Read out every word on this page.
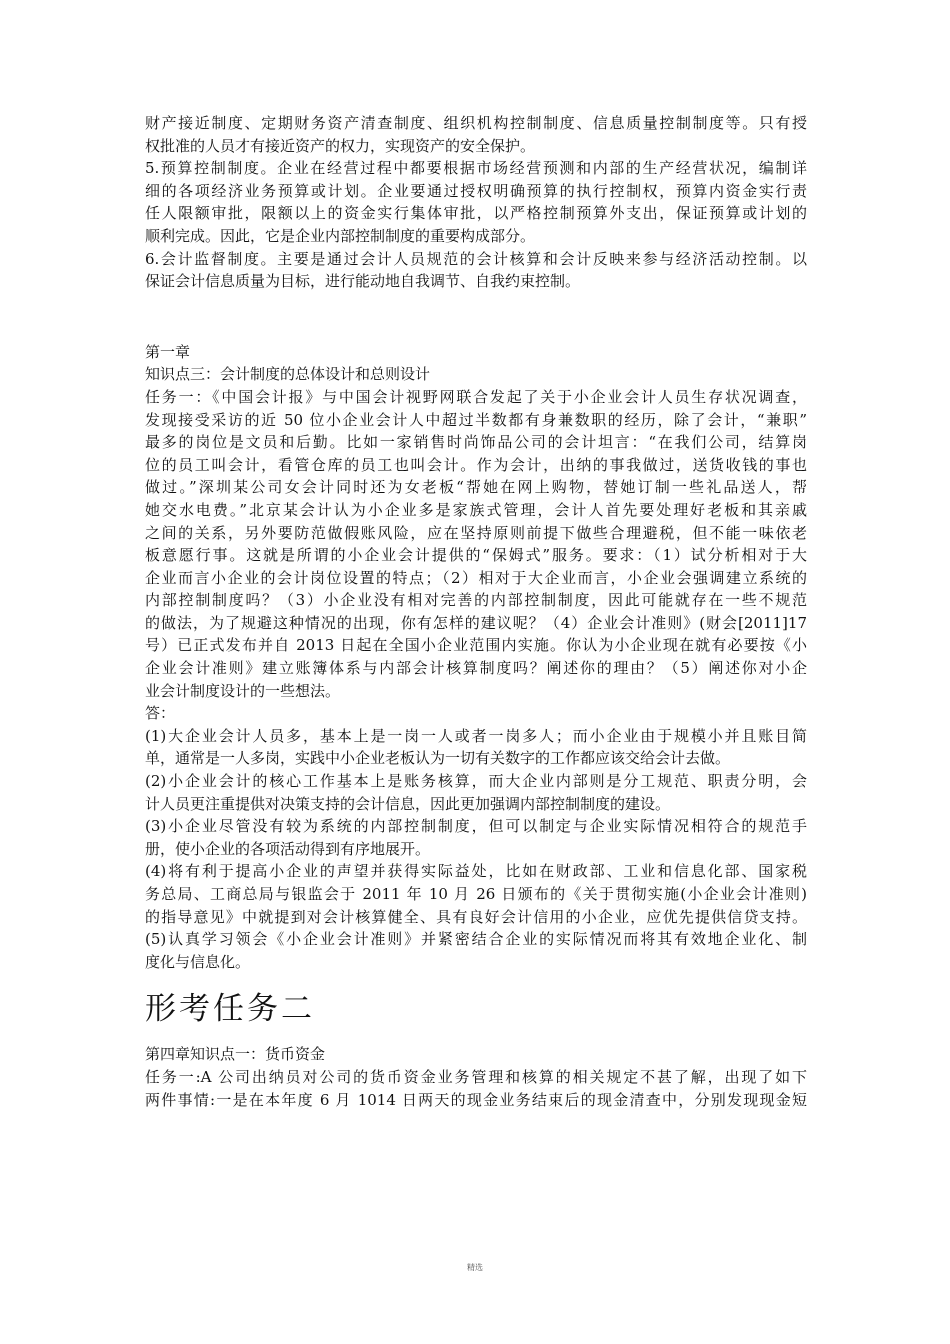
财产接近制度、定期财务资产清查制度、组织机构控制制度、信息质量控制制度等。只有授
权批准的人员才有接近资产的权力，实现资产的安全保护。
5.预算控制制度。企业在经营过程中都要根据市场经营预测和内部的生产经营状况，编制详
细的各项经济业务预算或计划。企业要通过授权明确预算的执行控制权，预算内资金实行责
任人限额审批，限额以上的资金实行集体审批，以严格控制预算外支出，保证预算或计划的
顺利完成。因此，它是企业内部控制制度的重要构成部分。
6.会计监督制度。主要是通过会计人员规范的会计核算和会计反映来参与经济活动控制。以
保证会计信息质量为目标，进行能动地自我调节、自我约束控制。
第一章
知识点三：会计制度的总体设计和总则设计
任务一：《中国会计报》与中国会计视野网联合发起了关于小企业会计人员生存状况调查，
发现接受采访的近 50 位小企业会计人中超过半数都有身兼数职的经历，除了会计，“兼职”
最多的岗位是文员和后勤。比如一家销售时尚饰品公司的会计坦言：“在我们公司，结算岗
位的员工叫会计，看管仓库的员工也叫会计。作为会计，出纳的事我做过，送货收钱的事也
做过。”深圳某公司女会计同时还为女老板“帮她在网上购物，替她订制一些礼品送人，帮
她交水电费。”北京某会计认为小企业多是家族式管理，会计人首先要处理好老板和其亲戚
之间的关系，另外要防范做假账风险，应在坚持原则前提下做些合理避税，但不能一味依老
板意愿行事。这就是所谓的小企业会计提供的“保姆式”服务。要求：（1）试分析相对于大
企业而言小企业的会计岗位设置的特点；（2）相对于大企业而言，小企业会强调建立系统的
内部控制制度吗？（3）小企业没有相对完善的内部控制制度，因此可能就存在一些不规范
的做法，为了规避这种情况的出现，你有怎样的建议呢？（4）企业会计准则》(财会[2011]17
号）已正式发布并自 2013 日起在全国小企业范围内实施。你认为小企业现在就有必要按《小
企业会计准则》建立账簿体系与内部会计核算制度吗？阐述你的理由？（5）阐述你对小企
业会计制度设计的一些想法。
答：
(1)大企业会计人员多，基本上是一岗一人或者一岗多人；而小企业由于规模小并且账目简
单，通常是一人多岗，实践中小企业老板认为一切有关数字的工作都应该交给会计去做。
(2)小企业会计的核心工作基本上是账务核算，而大企业内部则是分工规范、职责分明，会
计人员更注重提供对决策支持的会计信息，因此更加强调内部控制制度的建设。
(3)小企业尽管没有较为系统的内部控制制度，但可以制定与企业实际情况相符合的规范手
册，使小企业的各项活动得到有序地展开。
(4)将有利于提高小企业的声望并获得实际益处，比如在财政部、工业和信息化部、国家税
务总局、工商总局与银监会于 2011 年 10 月 26 日颁布的《关于贯彻实施(小企业会计准则)
的指导意见》中就提到对会计核算健全、具有良好会计信用的小企业，应优先提供信贷支持。
(5)认真学习领会《小企业会计准则》并紧密结合企业的实际情况而将其有效地企业化、制
度化与信息化。
形考任务二
第四章知识点一：货币资金
任务一:A 公司出纳员对公司的货币资金业务管理和核算的相关规定不甚了解，出现了如下
两件事情:一是在本年度 6 月 1014 日两天的现金业务结束后的现金清查中，分别发现现金短
精选
